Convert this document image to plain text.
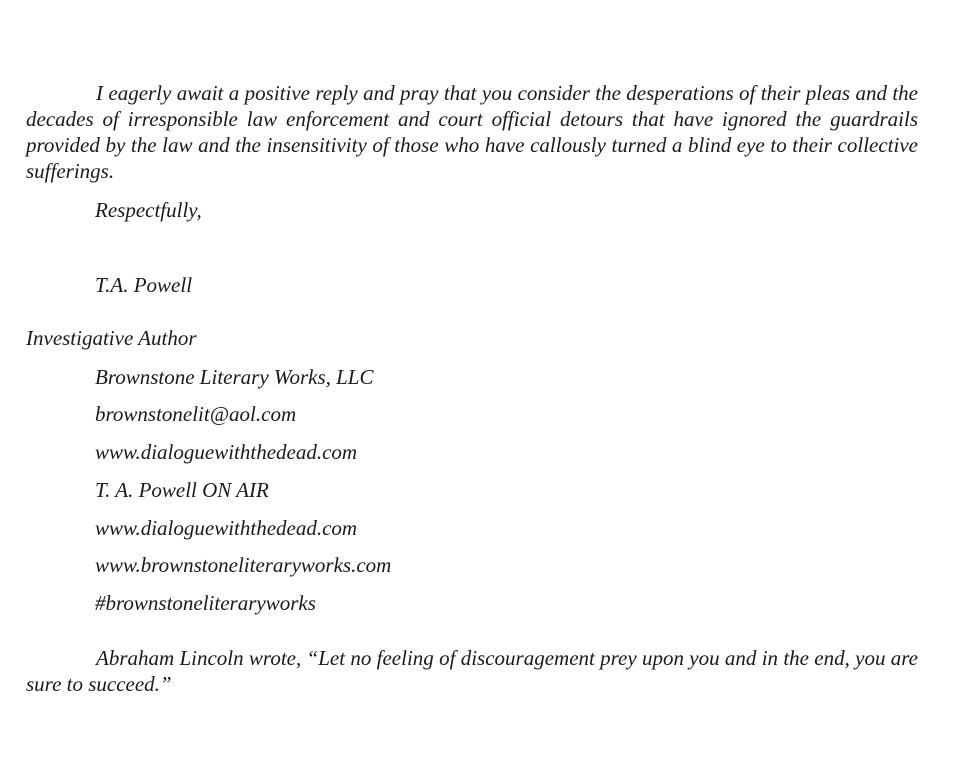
I eagerly await a positive reply and pray that you consider the desperations of their pleas and the decades of irresponsible law enforcement and court official detours that have ignored the guardrails provided by the law and the insensitivity of those who have callously turned a blind eye to their collective sufferings.

Respectfully,
T.A. Powell
Investigative Author
Brownstone Literary Works, LLC
brownstonelit@aol.com
www.dialoguewiththedead.com
T. A. Powell ON AIR
www.dialoguewiththedead.com
www.brownstoneliteraryworks.com
#brownstoneliteraryworks

Abraham Lincoln wrote, “Let no feeling of discouragement prey upon you and in the end, you are sure to succeed.”
